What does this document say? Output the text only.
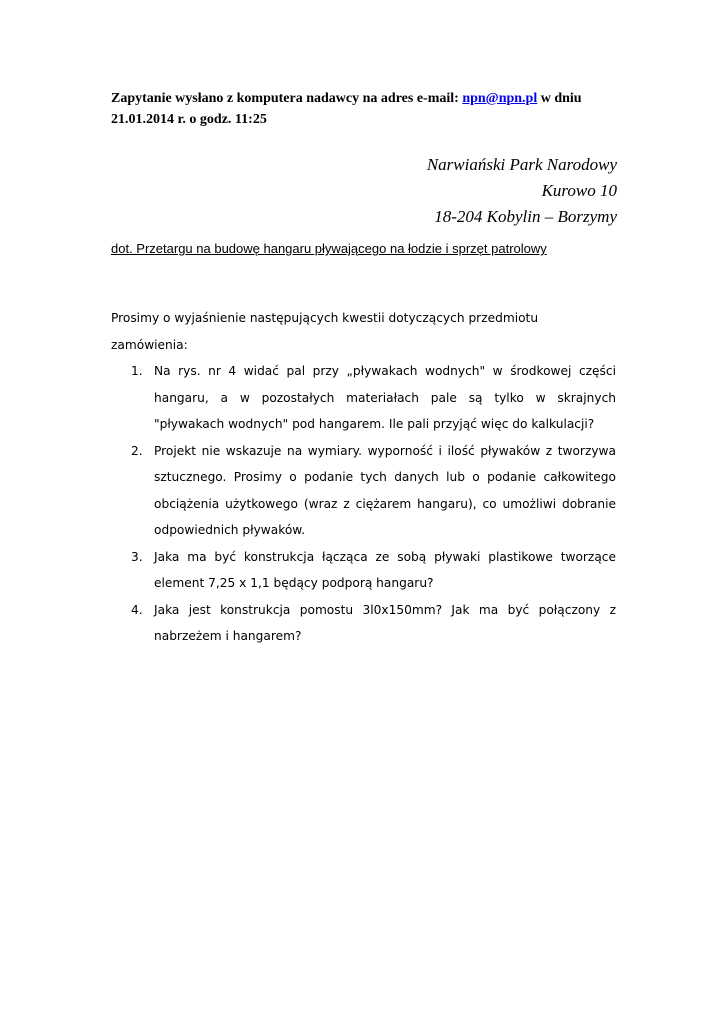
Zapytanie wysłano z komputera nadawcy na adres e-mail: npn@npn.pl w dniu 21.01.2014 r. o godz. 11:25
Narwiański Park Narodowy
Kurowo 10
18-204 Kobylin – Borzymy
dot. Przetargu na budowę hangaru pływającego na łodzie i sprzęt patrolowy

Prosimy o wyjaśnienie następujących kwestii dotyczących przedmiotu zamówienia:

1. Na rys. nr 4 widać pal przy „pływakach wodnych" w środkowej części hangaru, a w pozostałych materiałach pale są tylko w skrajnych "pływakach wodnych" pod hangarem. Ile pali przyjąć więc do kalkulacji?
2. Projekt nie wskazuje na wymiary. wyporność i ilość pływaków z tworzywa sztucznego. Prosimy o podanie tych danych lub o podanie całkowitego obciążenia użytkowego (wraz z ciężarem hangaru), co umożliwi dobranie odpowiednich pływaków.
3. Jaka ma być konstrukcja łącząca ze sobą pływaki plastikowe tworzące element 7,25 x 1,1 będący podporą hangaru?
4. Jaka jest konstrukcja pomostu 3l0x150mm? Jak ma być połączony z nabrzeżem i hangarem?
